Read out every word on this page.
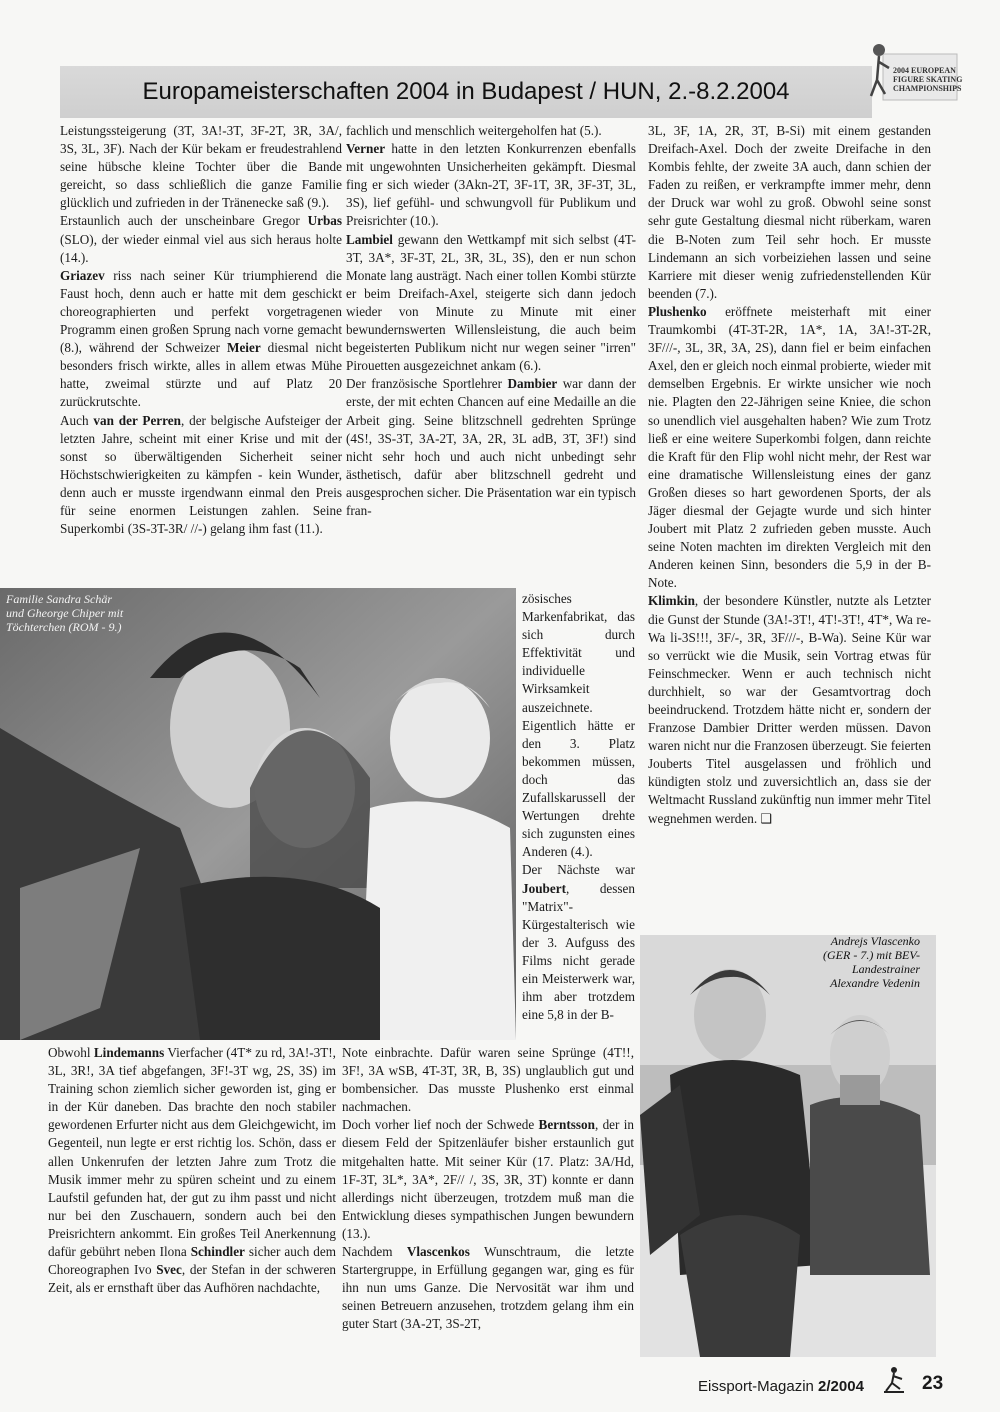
Europameisterschaften 2004 in Budapest / HUN, 2.-8.2.2004
2004 EUROPEAN FIGURE SKATING CHAMPIONSHIPS

Leistungssteigerung (3T, 3A!-3T, 3F-2T, 3R, 3A/, 3S, 3L, 3F). Nach der Kür bekam er freudestrahlend seine hübsche kleine Tochter über die Bande gereicht, so dass schließlich die ganze Familie glücklich und zufrieden in der Tränenecke saß (9.).

Erstaunlich auch der unscheinbare Gregor Urbas (SLO), der wieder einmal viel aus sich heraus holte (14.).

Griazev riss nach seiner Kür triumphierend die Faust hoch, denn auch er hatte mit dem geschickt choreographierten und perfekt vorgetragenen Programm einen großen Sprung nach vorne gemacht (8.), während der Schweizer Meier diesmal nicht besonders frisch wirkte, alles in allem etwas Mühe hatte, zweimal stürzte und auf Platz 20 zurückrutschte.

Auch van der Perren, der belgische Aufsteiger der letzten Jahre, scheint mit einer Krise und mit der sonst so überwältigenden Sicherheit seiner Höchstschwierigkeiten zu kämpfen - kein Wunder, denn auch er musste irgendwann einmal den Preis für seine enormen Leistungen zahlen. Seine Superkombi (3S-3T-3R/ //-) gelang ihm fast (11.).

fachlich und menschlich weitergeholfen hat (5.).

Verner hatte in den letzten Konkurrenzen ebenfalls mit ungewohnten Unsicherheiten gekämpft. Diesmal fing er sich wieder (3Akn-2T, 3F-1T, 3R, 3F-3T, 3L, 3S), lief gefühl- und schwungvoll für Publikum und Preisrichter (10.).

Lambiel gewann den Wettkampf mit sich selbst (4T-3T, 3A*, 3F-3T, 2L, 3R, 3L, 3S), den er nun schon Monate lang austrägt. Nach einer tollen Kombi stürzte er beim Dreifach-Axel, steigerte sich dann jedoch wieder von Minute zu Minute mit einer bewundernswerten Willensleistung, die auch beim begeisterten Publikum nicht nur wegen seiner "irren" Pirouetten ausgezeichnet ankam (6.).

Der französische Sportlehrer Dambier war dann der erste, der mit echten Chancen auf eine Medaille an die Arbeit ging. Seine blitzschnell gedrehten Sprünge (4S!, 3S-3T, 3A-2T, 3A, 2R, 3L adB, 3T, 3F!) sind nicht sehr hoch und auch nicht unbedingt sehr ästhetisch, dafür aber blitzschnell gedreht und ausgesprochen sicher. Die Präsentation war ein typisch fran-

zösisches Markenfabrikat, das sich durch Effektivität und individuelle Wirksamkeit auszeichnete. Eigentlich hätte er den 3. Platz bekommen müssen, doch das Zufallskarussell der Wertungen drehte sich zugunsten eines Anderen (4.).

Der Nächste war Joubert, dessen "Matrix"-Kürgestalterisch wie der 3. Aufguss des Films nicht gerade ein Meisterwerk war, ihm aber trotzdem eine 5,8 in der B-

3L, 3F, 1A, 2R, 3T, B-Si) mit einem gestanden Dreifach-Axel. Doch der zweite Dreifache in den Kombis fehlte, der zweite 3A auch, dann schien der Faden zu reißen, er verkrampfte immer mehr, denn der Druck war wohl zu groß. Obwohl seine sonst sehr gute Gestaltung diesmal nicht rüberkam, waren die B-Noten zum Teil sehr hoch. Er musste Lindemann an sich vorbeiziehen lassen und seine Karriere mit dieser wenig zufriedenstellenden Kür beenden (7.).

Plushenko eröffnete meisterhaft mit einer Traumkombi (4T-3T-2R, 1A*, 1A, 3A!-3T-2R, 3F///-, 3L, 3R, 3A, 2S), dann fiel er beim einfachen Axel, den er gleich noch einmal probierte, wieder mit demselben Ergebnis. Er wirkte unsicher wie noch nie. Plagten den 22-Jährigen seine Kniee, die schon so unendlich viel ausgehalten haben? Wie zum Trotz ließ er eine weitere Superkombi folgen, dann reichte die Kraft für den Flip wohl nicht mehr, der Rest war eine dramatische Willensleistung eines der ganz Großen dieses so hart gewordenen Sports, der als Jäger diesmal der Gejagte wurde und sich hinter Joubert mit Platz 2 zufrieden geben musste. Auch seine Noten machten im direkten Vergleich mit den Anderen keinen Sinn, besonders die 5,9 in der B-Note.

Klimkin, der besondere Künstler, nutzte als Letzter die Gunst der Stunde (3A!-3T!, 4T!-3T!, 4T*, Wa re-Wa li-3S!!!, 3F/-, 3R, 3F///-, B-Wa). Seine Kür war so verrückt wie die Musik, sein Vortrag etwas für Feinschmecker. Wenn er auch technisch nicht durchhielt, so war der Gesamtvortrag doch beeindruckend. Trotzdem hätte nicht er, sondern der Franzose Dambier Dritter werden müssen. Davon waren nicht nur die Franzosen überzeugt. Sie feierten Jouberts Titel ausgelassen und fröhlich und kündigten stolz und zuversichtlich an, dass sie der Weltmacht Russland zukünftig nun immer mehr Titel wegnehmen werden. ❑

Familie Sandra Schär
und Gheorge Chiper mit
Töchterchen (ROM - 9.)

Obwohl Lindemanns Vierfacher (4T* zu rd, 3A!-3T!, 3L, 3R!, 3A tief abgefangen, 3F!-3T wg, 2S, 3S) im Training schon ziemlich sicher geworden ist, ging er in der Kür daneben. Das brachte den noch stabiler gewordenen Erfurter nicht aus dem Gleichgewicht, im Gegenteil, nun legte er erst richtig los. Schön, dass er allen Unkenrufen der letzten Jahre zum Trotz die Musik immer mehr zu spüren scheint und zu einem Laufstil gefunden hat, der gut zu ihm passt und nicht nur bei den Zuschauern, sondern auch bei den Preisrichtern ankommt. Ein großes Teil Anerkennung dafür gebührt neben Ilona Schindler sicher auch dem Choreographen Ivo Svec, der Stefan in der schweren Zeit, als er ernsthaft über das Aufhören nachdachte,

Note einbrachte. Dafür waren seine Sprünge (4T!!, 3F!, 3A wSB, 4T-3T, 3R, B, 3S) unglaublich gut und bombensicher. Das musste Plushenko erst einmal nachmachen.

Doch vorher lief noch der Schwede Berntsson, der in diesem Feld der Spitzenläufer bisher erstaunlich gut mitgehalten hatte. Mit seiner Kür (17. Platz: 3A/Hd, 1F-3T, 3L*, 3A*, 2F// /, 3S, 3R, 3T) konnte er dann allerdings nicht überzeugen, trotzdem muß man die Entwicklung dieses sympathischen Jungen bewundern (13.).

Nachdem Vlascenkos Wunschtraum, die letzte Startergruppe, in Erfüllung gegangen war, ging es für ihn nun ums Ganze. Die Nervosität war ihm und seinen Betreuern anzusehen, trotzdem gelang ihm ein guter Start (3A-2T, 3S-2T,

Andrejs Vlascenko
(GER - 7.) mit BEV-
Landestrainer
Alexandre Vedenin
Eissport-Magazin 2/2004	23
